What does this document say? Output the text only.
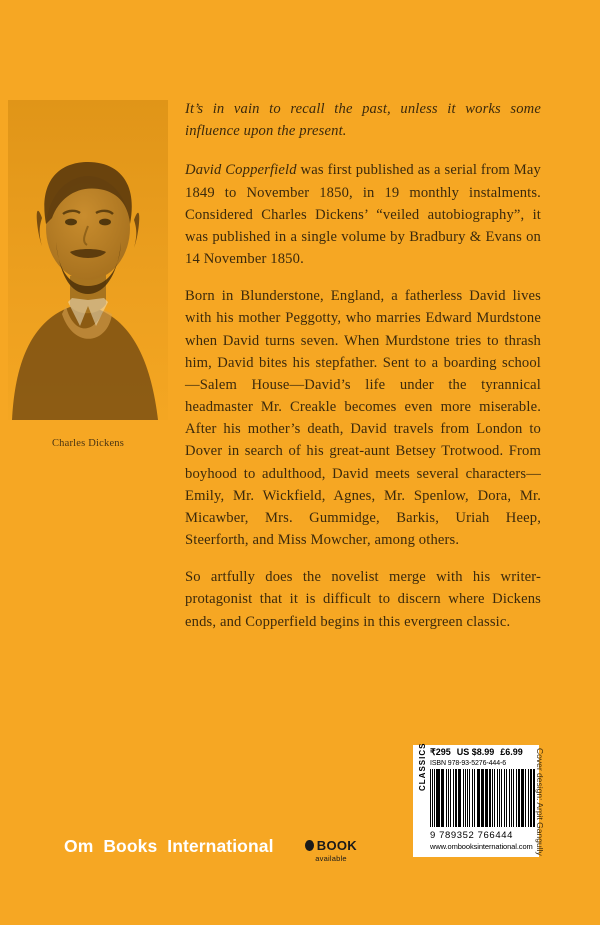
Charles Dickens

It’s in vain to recall the past, unless it works some influence upon the present.

David Copperfield was first published as a serial from May 1849 to November 1850, in 19 monthly instalments. Considered Charles Dickens’ “veiled autobiography”, it was published in a single volume by Bradbury & Evans on 14 November 1850.

Born in Blunderstone, England, a fatherless David lives with his mother Peggotty, who marries Edward Murdstone when David turns seven. When Murdstone tries to thrash him, David bites his stepfather. Sent to a boarding school—Salem House—David’s life under the tyrannical headmaster Mr. Creakle becomes even more miserable. After his mother’s death, David travels from London to Dover in search of his great-aunt Betsey Trotwood. From boyhood to adulthood, David meets several characters—Emily, Mr. Wickfield, Agnes, Mr. Spenlow, Dora, Mr. Micawber, Mrs. Gummidge, Barkis, Uriah Heep, Steerforth, and Miss Mowcher, among others.

So artfully does the novelist merge with his writer-protagonist that it is difficult to discern where Dickens ends, and Copperfield begins in this evergreen classic.

Om Books International	BOOK
available
₹295 US $8.99 £6.99
ISBN 978-93-5276-444-6
CLASSICS
9 789352 766444
www.ombooksinternational.com Cover design: Arpit Gangully
